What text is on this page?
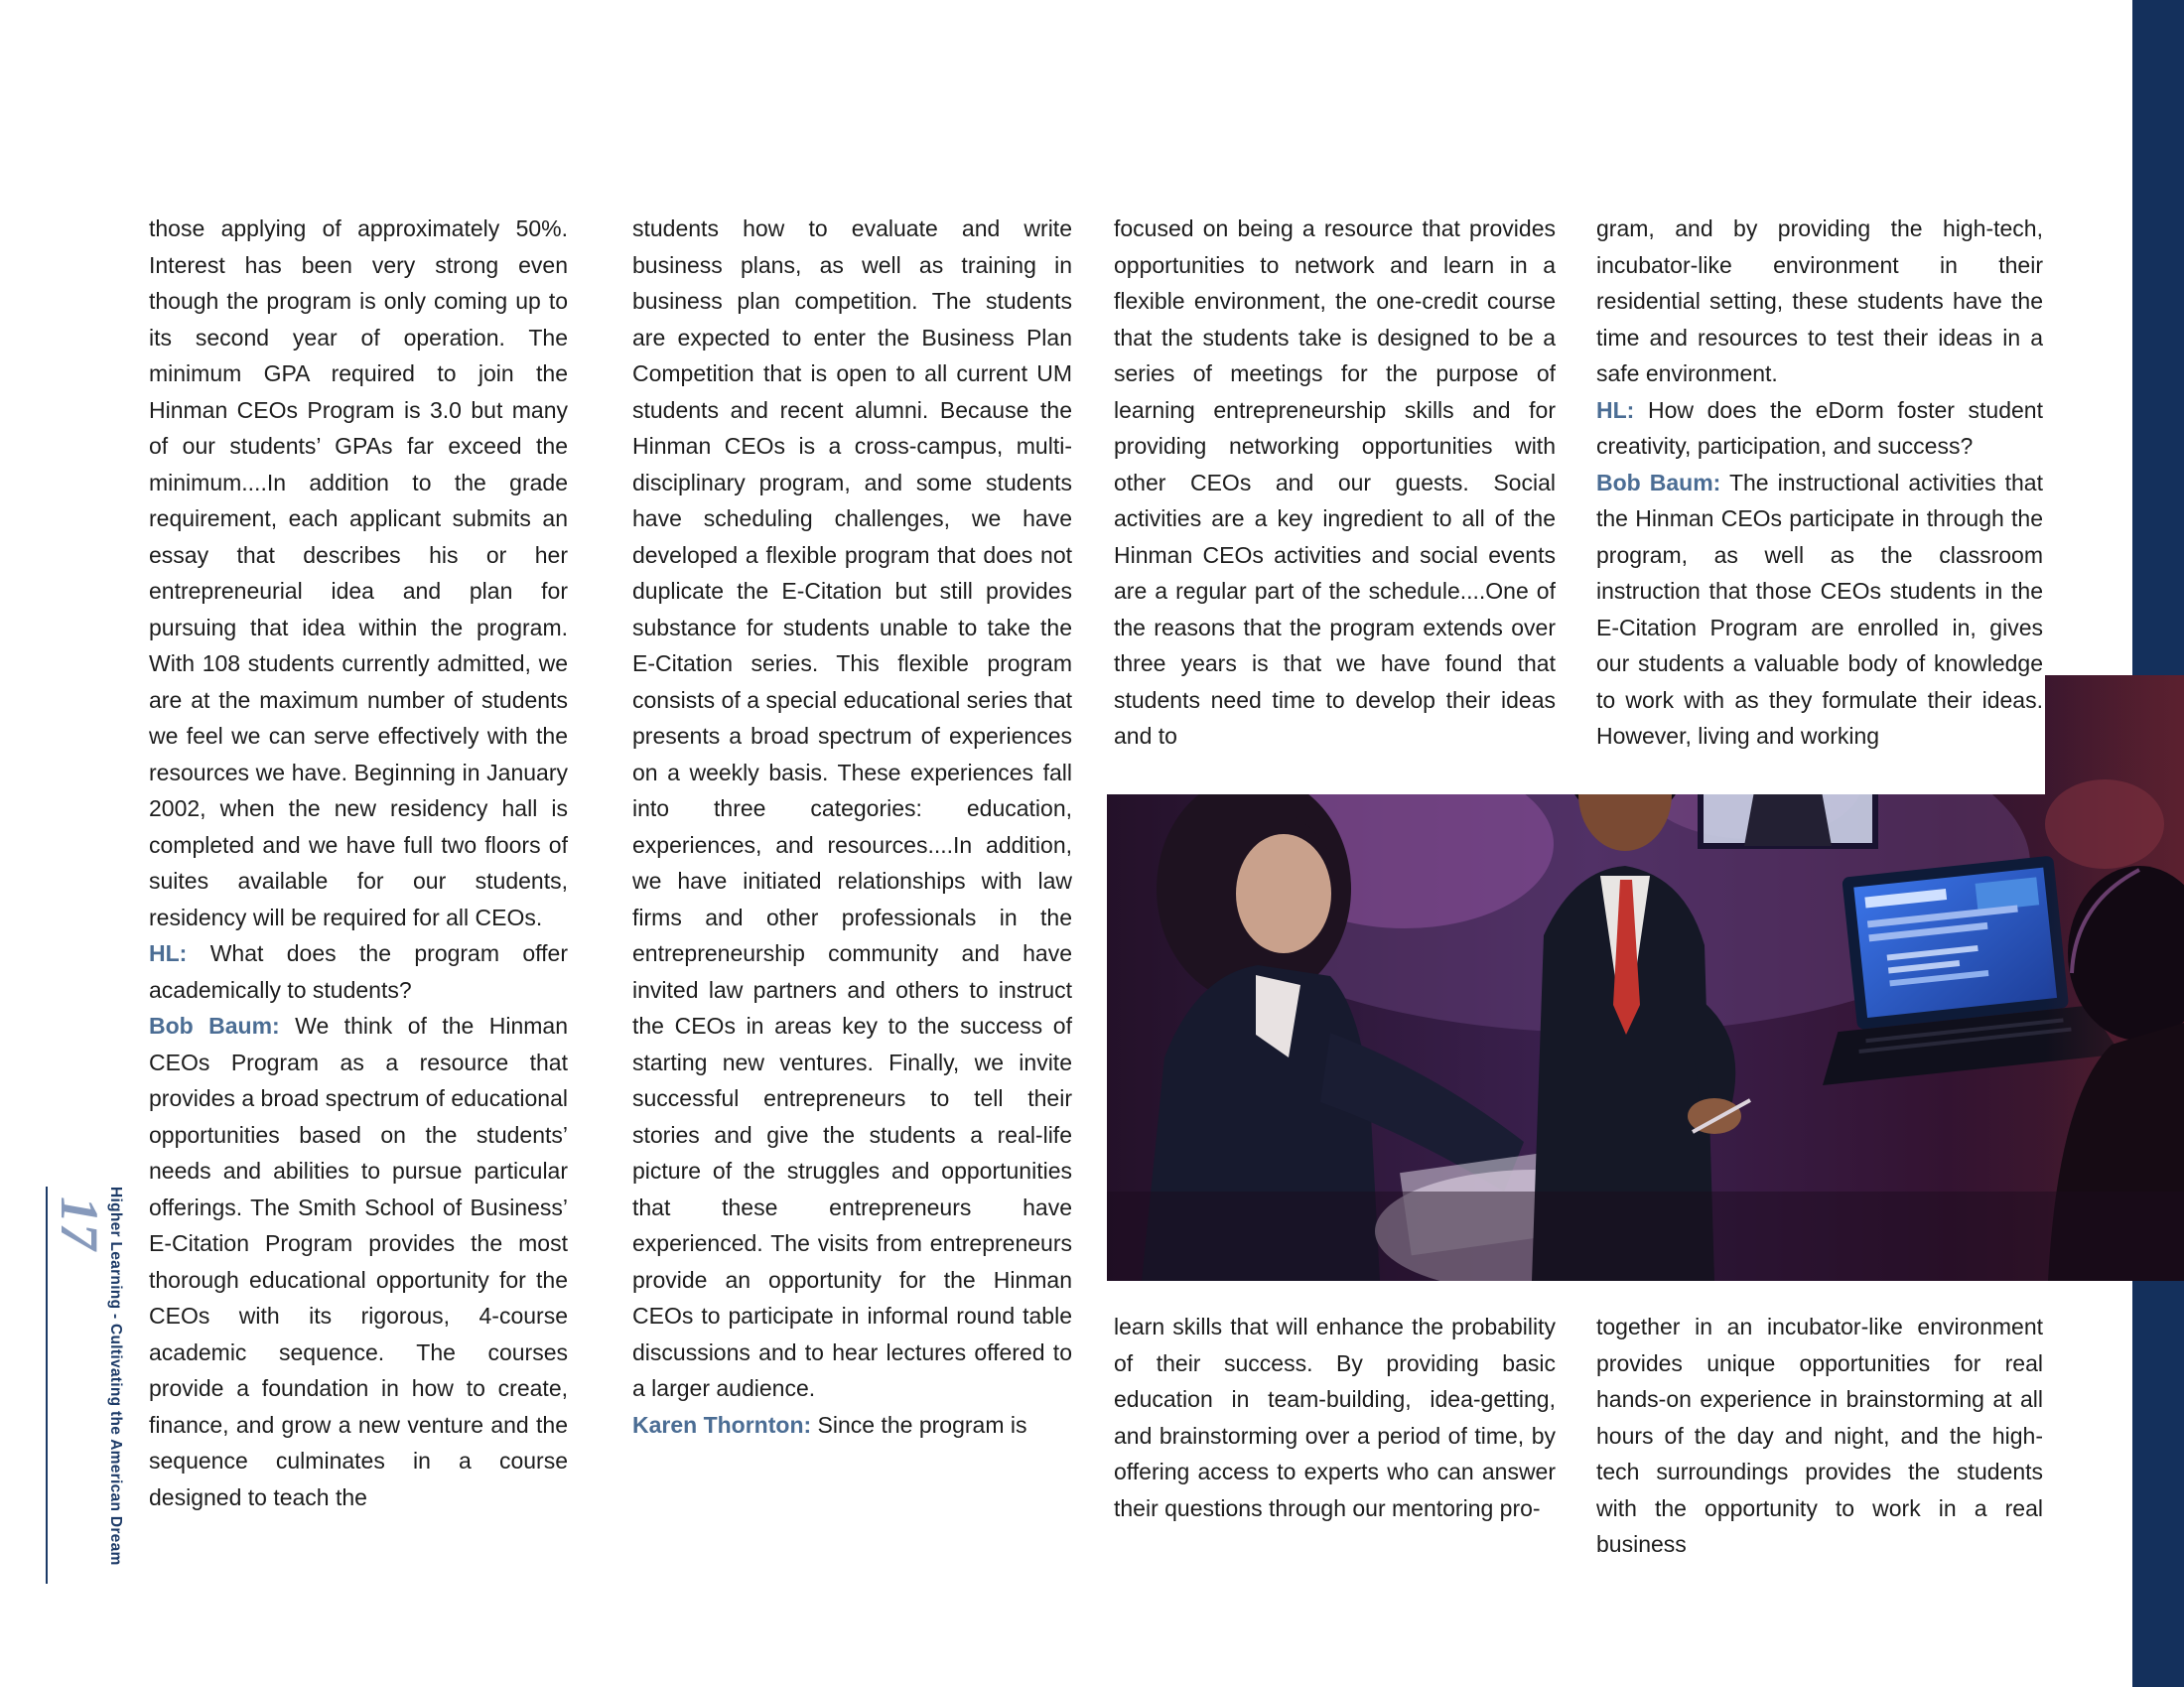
those applying of approximately 50%. Interest has been very strong even though the program is only coming up to its second year of operation. The minimum GPA required to join the Hinman CEOs Program is 3.0 but many of our students’ GPAs far exceed the minimum....In addition to the grade requirement, each applicant submits an essay that describes his or her entrepreneurial idea and plan for pursuing that idea within the program. With 108 students currently admitted, we are at the maximum number of students we feel we can serve effectively with the resources we have. Beginning in January 2002, when the new residency hall is completed and we have full two floors of suites available for our students, residency will be required for all CEOs.
HL: What does the program offer academically to students?
Bob Baum: We think of the Hinman CEOs Program as a resource that provides a broad spectrum of educational opportunities based on the students’ needs and abilities to pursue particular offerings. The Smith School of Business’ E-Citation Program provides the most thorough educational opportunity for the CEOs with its rigorous, 4-course academic sequence. The courses provide a foundation in how to create, finance, and grow a new venture and the sequence culminates in a course designed to teach the
students how to evaluate and write business plans, as well as training in business plan competition. The students are expected to enter the Business Plan Competition that is open to all current UM students and recent alumni. Because the Hinman CEOs is a cross-campus, multi-disciplinary program, and some students have scheduling challenges, we have developed a flexible program that does not duplicate the E-Citation but still provides substance for students unable to take the E-Citation series. This flexible program consists of a special educational series that presents a broad spectrum of experiences on a weekly basis. These experiences fall into three categories: education, experiences, and resources....In addition, we have initiated relationships with law firms and other professionals in the entrepreneurship community and have invited law partners and others to instruct the CEOs in areas key to the success of starting new ventures. Finally, we invite successful entrepreneurs to tell their stories and give the students a real-life picture of the struggles and opportunities that these entrepreneurs have experienced. The visits from entrepreneurs provide an opportunity for the Hinman CEOs to participate in informal round table discussions and to hear lectures offered to a larger audience.
Karen Thornton: Since the program is
focused on being a resource that provides opportunities to network and learn in a flexible environment, the one-credit course that the students take is designed to be a series of meetings for the purpose of learning entrepreneurship skills and for providing networking opportunities with other CEOs and our guests. Social activities are a key ingredient to all of the Hinman CEOs activities and social events are a regular part of the schedule....One of the reasons that the program extends over three years is that we have found that students need time to develop their ideas and to
gram, and by providing the high-tech, incubator-like environment in their residential setting, these students have the time and resources to test their ideas in a safe environment.
HL: How does the eDorm foster student creativity, participation, and success?
Bob Baum: The instructional activities that the Hinman CEOs participate in through the program, as well as the classroom instruction that those CEOs students in the E-Citation Program are enrolled in, gives our students a valuable body of knowledge to work with as they formulate their ideas. However, living and working
learn skills that will enhance the probability of their success. By providing basic education in team-building, idea-getting, and brainstorming over a period of time, by offering access to experts who can answer their questions through our mentoring pro-
together in an incubator-like environment provides unique opportunities for real hands-on experience in brainstorming at all hours of the day and night, and the high-tech surroundings provides the students with the opportunity to work in a real business
Higher Learning - Cultivating the American Dream 17
